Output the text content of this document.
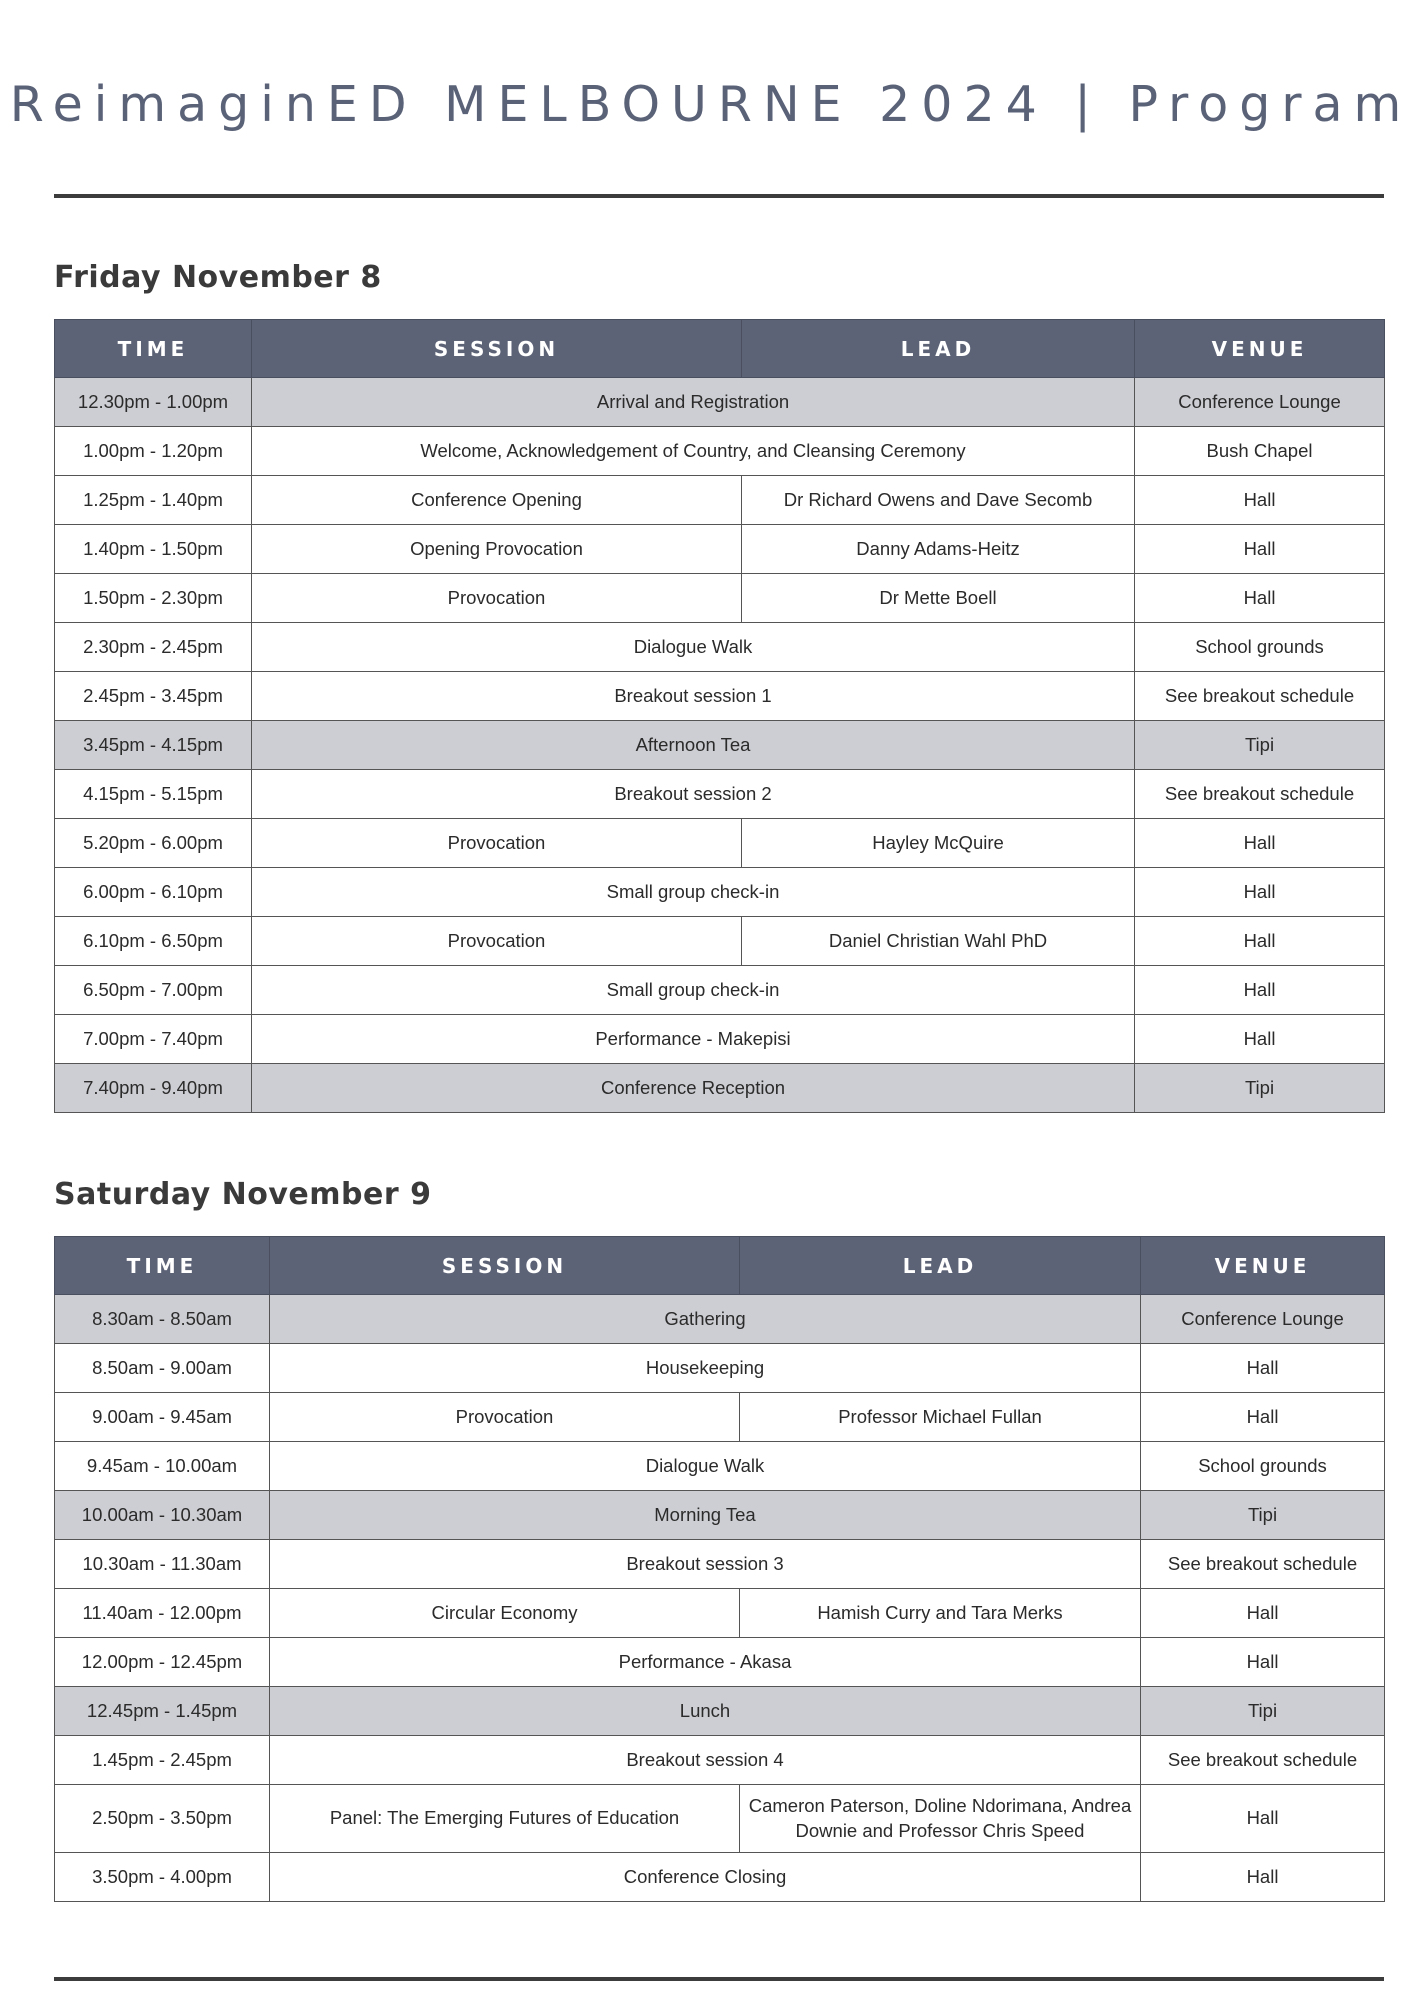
ReimaginED MELBOURNE 2024 | Program
Friday November 8
TIME	SESSION	LEAD	VENUE
12.30pm - 1.00pm	Arrival and Registration		Conference Lounge
1.00pm - 1.20pm	Welcome, Acknowledgement of Country, and Cleansing Ceremony		Bush Chapel
1.25pm - 1.40pm	Conference Opening	Dr Richard Owens and Dave Secomb	Hall
1.40pm - 1.50pm	Opening Provocation	Danny Adams-Heitz	Hall
1.50pm - 2.30pm	Provocation	Dr Mette Boell	Hall
2.30pm - 2.45pm	Dialogue Walk		School grounds
2.45pm - 3.45pm	Breakout session 1		See breakout schedule
3.45pm - 4.15pm	Afternoon Tea		Tipi
4.15pm - 5.15pm	Breakout session 2		See breakout schedule
5.20pm - 6.00pm	Provocation	Hayley McQuire	Hall
6.00pm - 6.10pm	Small group check-in		Hall
6.10pm - 6.50pm	Provocation	Daniel Christian Wahl PhD	Hall
6.50pm - 7.00pm	Small group check-in		Hall
7.00pm - 7.40pm	Performance - Makepisi		Hall
7.40pm - 9.40pm	Conference Reception		Tipi
Saturday November 9
TIME	SESSION	LEAD	VENUE
8.30am - 8.50am	Gathering		Conference Lounge
8.50am - 9.00am	Housekeeping		Hall
9.00am - 9.45am	Provocation	Professor Michael Fullan	Hall
9.45am - 10.00am	Dialogue Walk		School grounds
10.00am - 10.30am	Morning Tea		Tipi
10.30am - 11.30am	Breakout session 3		See breakout schedule
11.40am - 12.00pm	Circular Economy	Hamish Curry and Tara Merks	Hall
12.00pm - 12.45pm	Performance - Akasa		Hall
12.45pm - 1.45pm	Lunch		Tipi
1.45pm - 2.45pm	Breakout session 4		See breakout schedule
2.50pm - 3.50pm	Panel: The Emerging Futures of Education	Cameron Paterson, Doline Ndorimana, Andrea Downie and Professor Chris Speed	Hall
3.50pm - 4.00pm	Conference Closing		Hall
